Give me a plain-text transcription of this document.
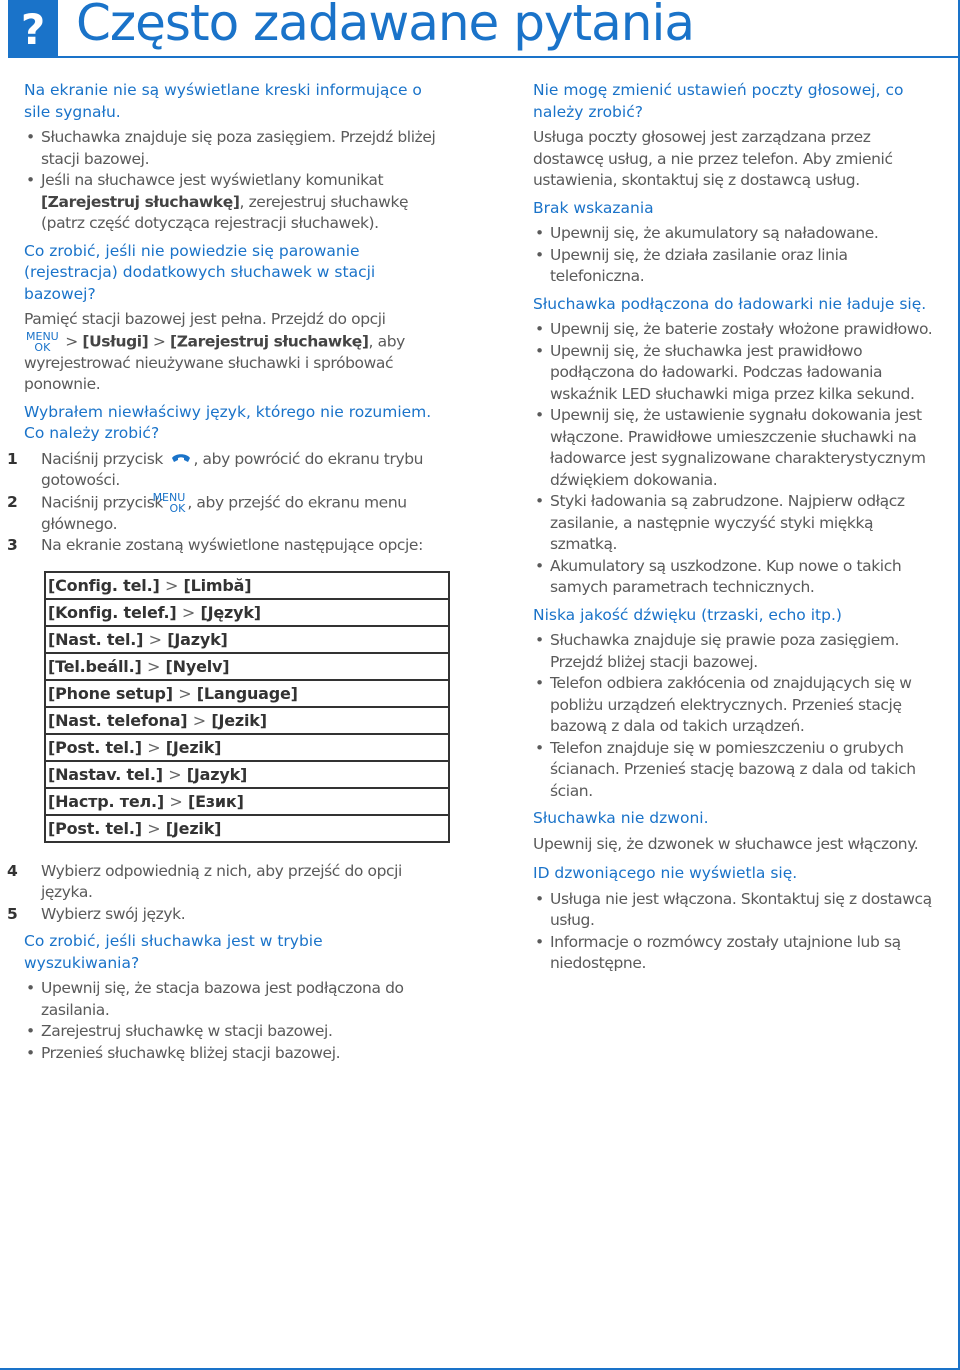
? Często zadawane pytania
Na ekranie nie są wyświetlane kreski informujące o sile sygnału.
• Słuchawka znajduje się poza zasięgiem. Przejdź bliżej stacji bazowej.
• Jeśli na słuchawce jest wyświetlany komunikat [Zarejestruj słuchawkę], zerejestruj słuchawkę (patrz część dotycząca rejestracji słuchawek).
Co zrobić, jeśli nie powiedzie się parowanie (rejestracja) dodatkowych słuchawek w stacji bazowej?
Pamięć stacji bazowej jest pełna. Przejdź do opcji
MENU
OK > [Usługi] > [Zarejestruj słuchawkę], aby wyrejestrować nieużywane słuchawki i spróbować ponownie.
Wybrałem niewłaściwy język, którego nie rozumiem.
Co należy zrobić?
1 Naciśnij przycisk , aby powrócić do ekranu trybu gotowości.
2 Naciśnij przycisk MENU
OK , aby przejść do ekranu menu głównego.
3 Na ekranie zostaną wyświetlone następujące opcje:
[Config. tel.] > [Limbă]
[Konfig. telef.] > [Język]
[Nast. tel.] > [Jazyk]
[Tel.beáll.] > [Nyelv]
[Phone setup] > [Language]
[Nast. telefona] > [Jezik]
[Post. tel.] > [Jezik]
[Nastav. tel.] > [Jazyk]
[Настр. тел.] > [Език]
[Post. tel.] > [Jezik]
4 Wybierz odpowiednią z nich, aby przejść do opcji języka.
5 Wybierz swój język.
Co zrobić, jeśli słuchawka jest w trybie wyszukiwania?
• Upewnij się, że stacja bazowa jest podłączona do zasilania.
• Zarejestruj słuchawkę w stacji bazowej.
• Przenieś słuchawkę bliżej stacji bazowej.
Nie mogę zmienić ustawień poczty głosowej, co należy zrobić?
Usługa poczty głosowej jest zarządzana przez dostawcę usług, a nie przez telefon. Aby zmienić ustawienia, skontaktuj się z dostawcą usług.
Brak wskazania
• Upewnij się, że akumulatory są naładowane.
• Upewnij się, że działa zasilanie oraz linia telefoniczna.
Słuchawka podłączona do ładowarki nie ładuje się.
• Upewnij się, że baterie zostały włożone prawidłowo.
• Upewnij się, że słuchawka jest prawidłowo podłączona do ładowarki. Podczas ładowania wskaźnik LED słuchawki miga przez kilka sekund.
• Upewnij się, że ustawienie sygnału dokowania jest włączone. Prawidłowe umieszczenie słuchawki na ładowarce jest sygnalizowane charakterystycznym dźwiękiem dokowania.
• Styki ładowania są zabrudzone. Najpierw odłącz zasilanie, a następnie wyczyść styki miękką szmatką.
• Akumulatory są uszkodzone. Kup nowe o takich samych parametrach technicznych.
Niska jakość dźwięku (trzaski, echo itp.)
• Słuchawka znajduje się prawie poza zasięgiem. Przejdź bliżej stacji bazowej.
• Telefon odbiera zakłócenia od znajdujących się w pobliżu urządzeń elektrycznych. Przenieś stację bazową z dala od takich urządzeń.
• Telefon znajduje się w pomieszczeniu o grubych ścianach. Przenieś stację bazową z dala od takich ścian.
Słuchawka nie dzwoni.
Upewnij się, że dzwonek w słuchawce jest włączony.
ID dzwoniącego nie wyświetla się.
• Usługa nie jest włączona. Skontaktuj się z dostawcą usług.
• Informacje o rozmówcy zostały utajnione lub są niedostępne.
